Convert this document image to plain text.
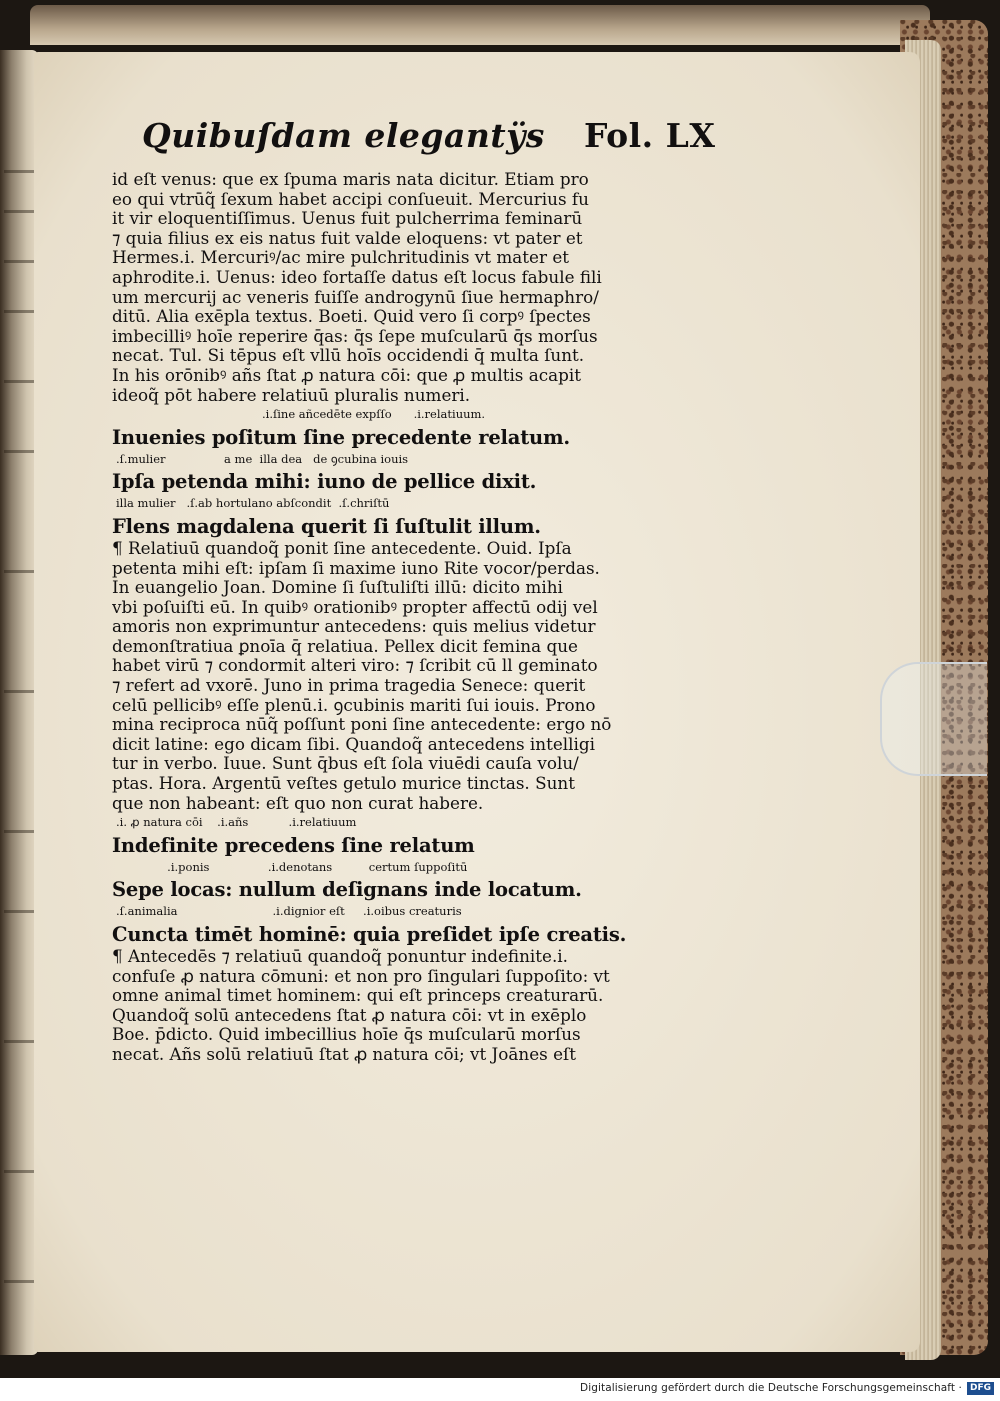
Quibuſdam elegantÿs Fol. LX
id eſt venus: que ex ſpuma maris nata dicitur. Etiam pro
eo qui vtrūq̃ ſexum habet accipi conſueuit. Mercurius fu
it vir eloquentiſſimus. Uenus fuit pulcherrima feminarū
⁊ quia filius ex eis natus fuit valde eloquens: vt pater et
Hermes.i. Mercuriꝰ/ac mire pulchritudinis vt mater et
aphrodite.i. Uenus: ideo fortaſſe datus eſt locus fabule fili
um mercurij ac veneris fuiſſe androgynū ſiue hermaphro/
ditū. Alia exēpla textus. Boeti. Quid vero ſi corpꝰ ſpectes
imbecilliꝰ hoīe reperire q̄as: q̄s ſepe muſcularū q̄s morſus
necat. Tul. Si tēpus eſt vllū hoīs occidendi q̄ multa ſunt.
In his orōnibꝰ añs ſtat ꝓ natura cōi: que ꝓ multis acapit
ideoq̃ pōt habere relatiuū pluralis numeri.
.i.ſine añcedēte expſſo      .i.relatiuum.
Inuenies poſitum ſine precedente relatum.
.ſ.mulier                a me  illa dea   de ꝯcubina iouis
Ipſa petenda mihi: iuno de pellice dixit.
illa mulier   .ſ.ab hortulano abſcondit  .ſ.chriſtū
Flens magdalena querit ſi ſuſtulit illum.
¶ Relatiuū quandoq̃ ponit̄ ſine antecedente. Ouid. Ipſa
petenta mihi eſt: ipſam ſi maxime iuno Rite vocor/perdas.
In euangelio Joan. Domine ſi ſuſtuliſti illū: dicito mihi
vbi poſuiſti eū. In quibꝰ orationibꝰ propter affectū odij vel
amoris non exprimuntur antecedens: quis melius videtur
demonſtratiua ꝑnoīa q̄ relatiua. Pellex dicit̄ femina que
habet virū ⁊ condormit alteri viro: ⁊ ſcribit̄ cū ll geminato
⁊ refert̄ ad vxorē. Juno in prima tragedia Senece: querit̄
celū pellicibꝰ eſſe plenū.i. ꝯcubinis mariti ſui iouis. Prono
mina reciproca nūq̃ poſſunt poni ſine antecedente: ergo nō
dicit̄ latine: ego dicam ſibi. Quandoq̃ antecedens intelligi
tur in verbo. Iuue. Sunt q̄bus eſt ſola viuēdi cauſa volu/
ptas. Hora. Argentū veſtes getulo murice tinctas. Sunt
que non habeant: eſt quo non curat habere.
.i. ꝓ natura cōi    .i.añs           .i.relatiuum
Indefinite precedens ſine relatum
.i.ponis                .i.denotans          certum ſuppoſitū
Sepe locas: nullum deſignans inde locatum.
.ſ.animalia                          .i.dignior eſt     .i.oibus creaturis
Cuncta timēt hominē: quia preſidet ipſe creatis.
¶ Antecedēs ⁊ relatiuū quandoq̃ ponuntur indefinite.i.
confuſe ꝓ natura cōmuni: et non pro ſingulari ſuppoſito: vt
omne animal timet hominem: qui eſt princeps creaturarū.
Quandoq̃ solū antecedens ſtat ꝓ natura cōi: vt in exēplo
Boe. p̄dicto. Quid imbecillius hoīe q̄s muſcularū morſus
necat. Añs solū relatiuū ſtat ꝓ natura cōi; vt Joānes eſt
Digitalisierung gefördert durch die Deutsche Forschungsgemeinschaft · DFG
